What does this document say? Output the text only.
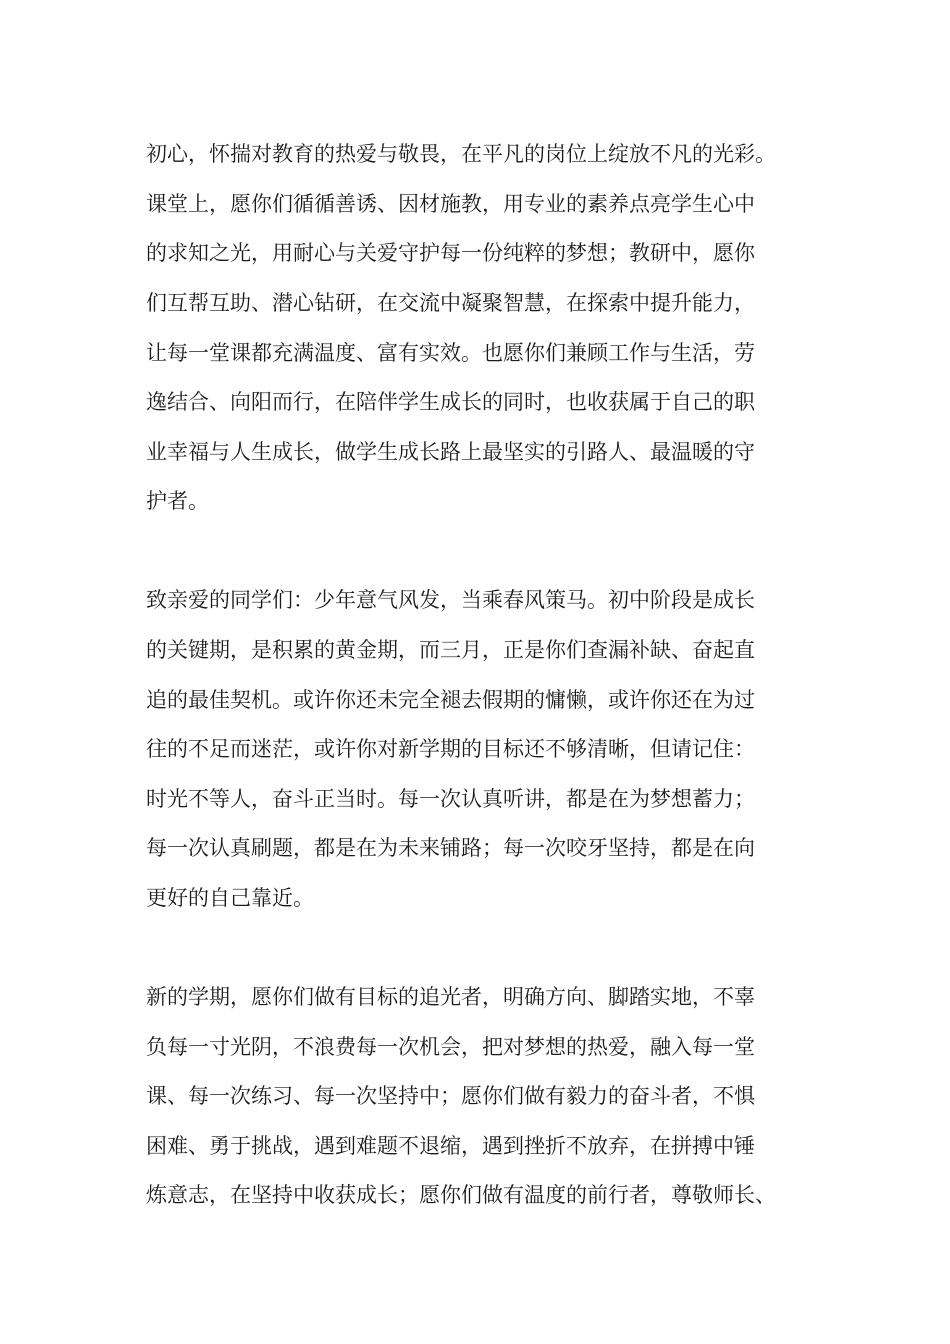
初心，怀揣对教育的热爱与敬畏，在平凡的岗位上绽放不凡的光彩。

课堂上，愿你们循循善诱、因材施教，用专业的素养点亮学生心中

的求知之光，用耐心与关爱守护每一份纯粹的梦想；教研中，愿你

们互帮互助、潜心钻研，在交流中凝聚智慧，在探索中提升能力，

让每一堂课都充满温度、富有实效。也愿你们兼顾工作与生活，劳

逸结合、向阳而行，在陪伴学生成长的同时，也收获属于自己的职

业幸福与人生成长，做学生成长路上最坚实的引路人、最温暖的守

护者。

致亲爱的同学们：少年意气风发，当乘春风策马。初中阶段是成长

的关键期，是积累的黄金期，而三月，正是你们查漏补缺、奋起直

追的最佳契机。或许你还未完全褪去假期的慵懒，或许你还在为过

往的不足而迷茫，或许你对新学期的目标还不够清晰，但请记住：

时光不等人，奋斗正当时。每一次认真听讲，都是在为梦想蓄力；

每一次认真刷题，都是在为未来铺路；每一次咬牙坚持，都是在向

更好的自己靠近。

新的学期，愿你们做有目标的追光者，明确方向、脚踏实地，不辜

负每一寸光阴，不浪费每一次机会，把对梦想的热爱，融入每一堂

课、每一次练习、每一次坚持中；愿你们做有毅力的奋斗者，不惧

困难、勇于挑战，遇到难题不退缩，遇到挫折不放弃，在拼搏中锤

炼意志，在坚持中收获成长；愿你们做有温度的前行者，尊敬师长、
